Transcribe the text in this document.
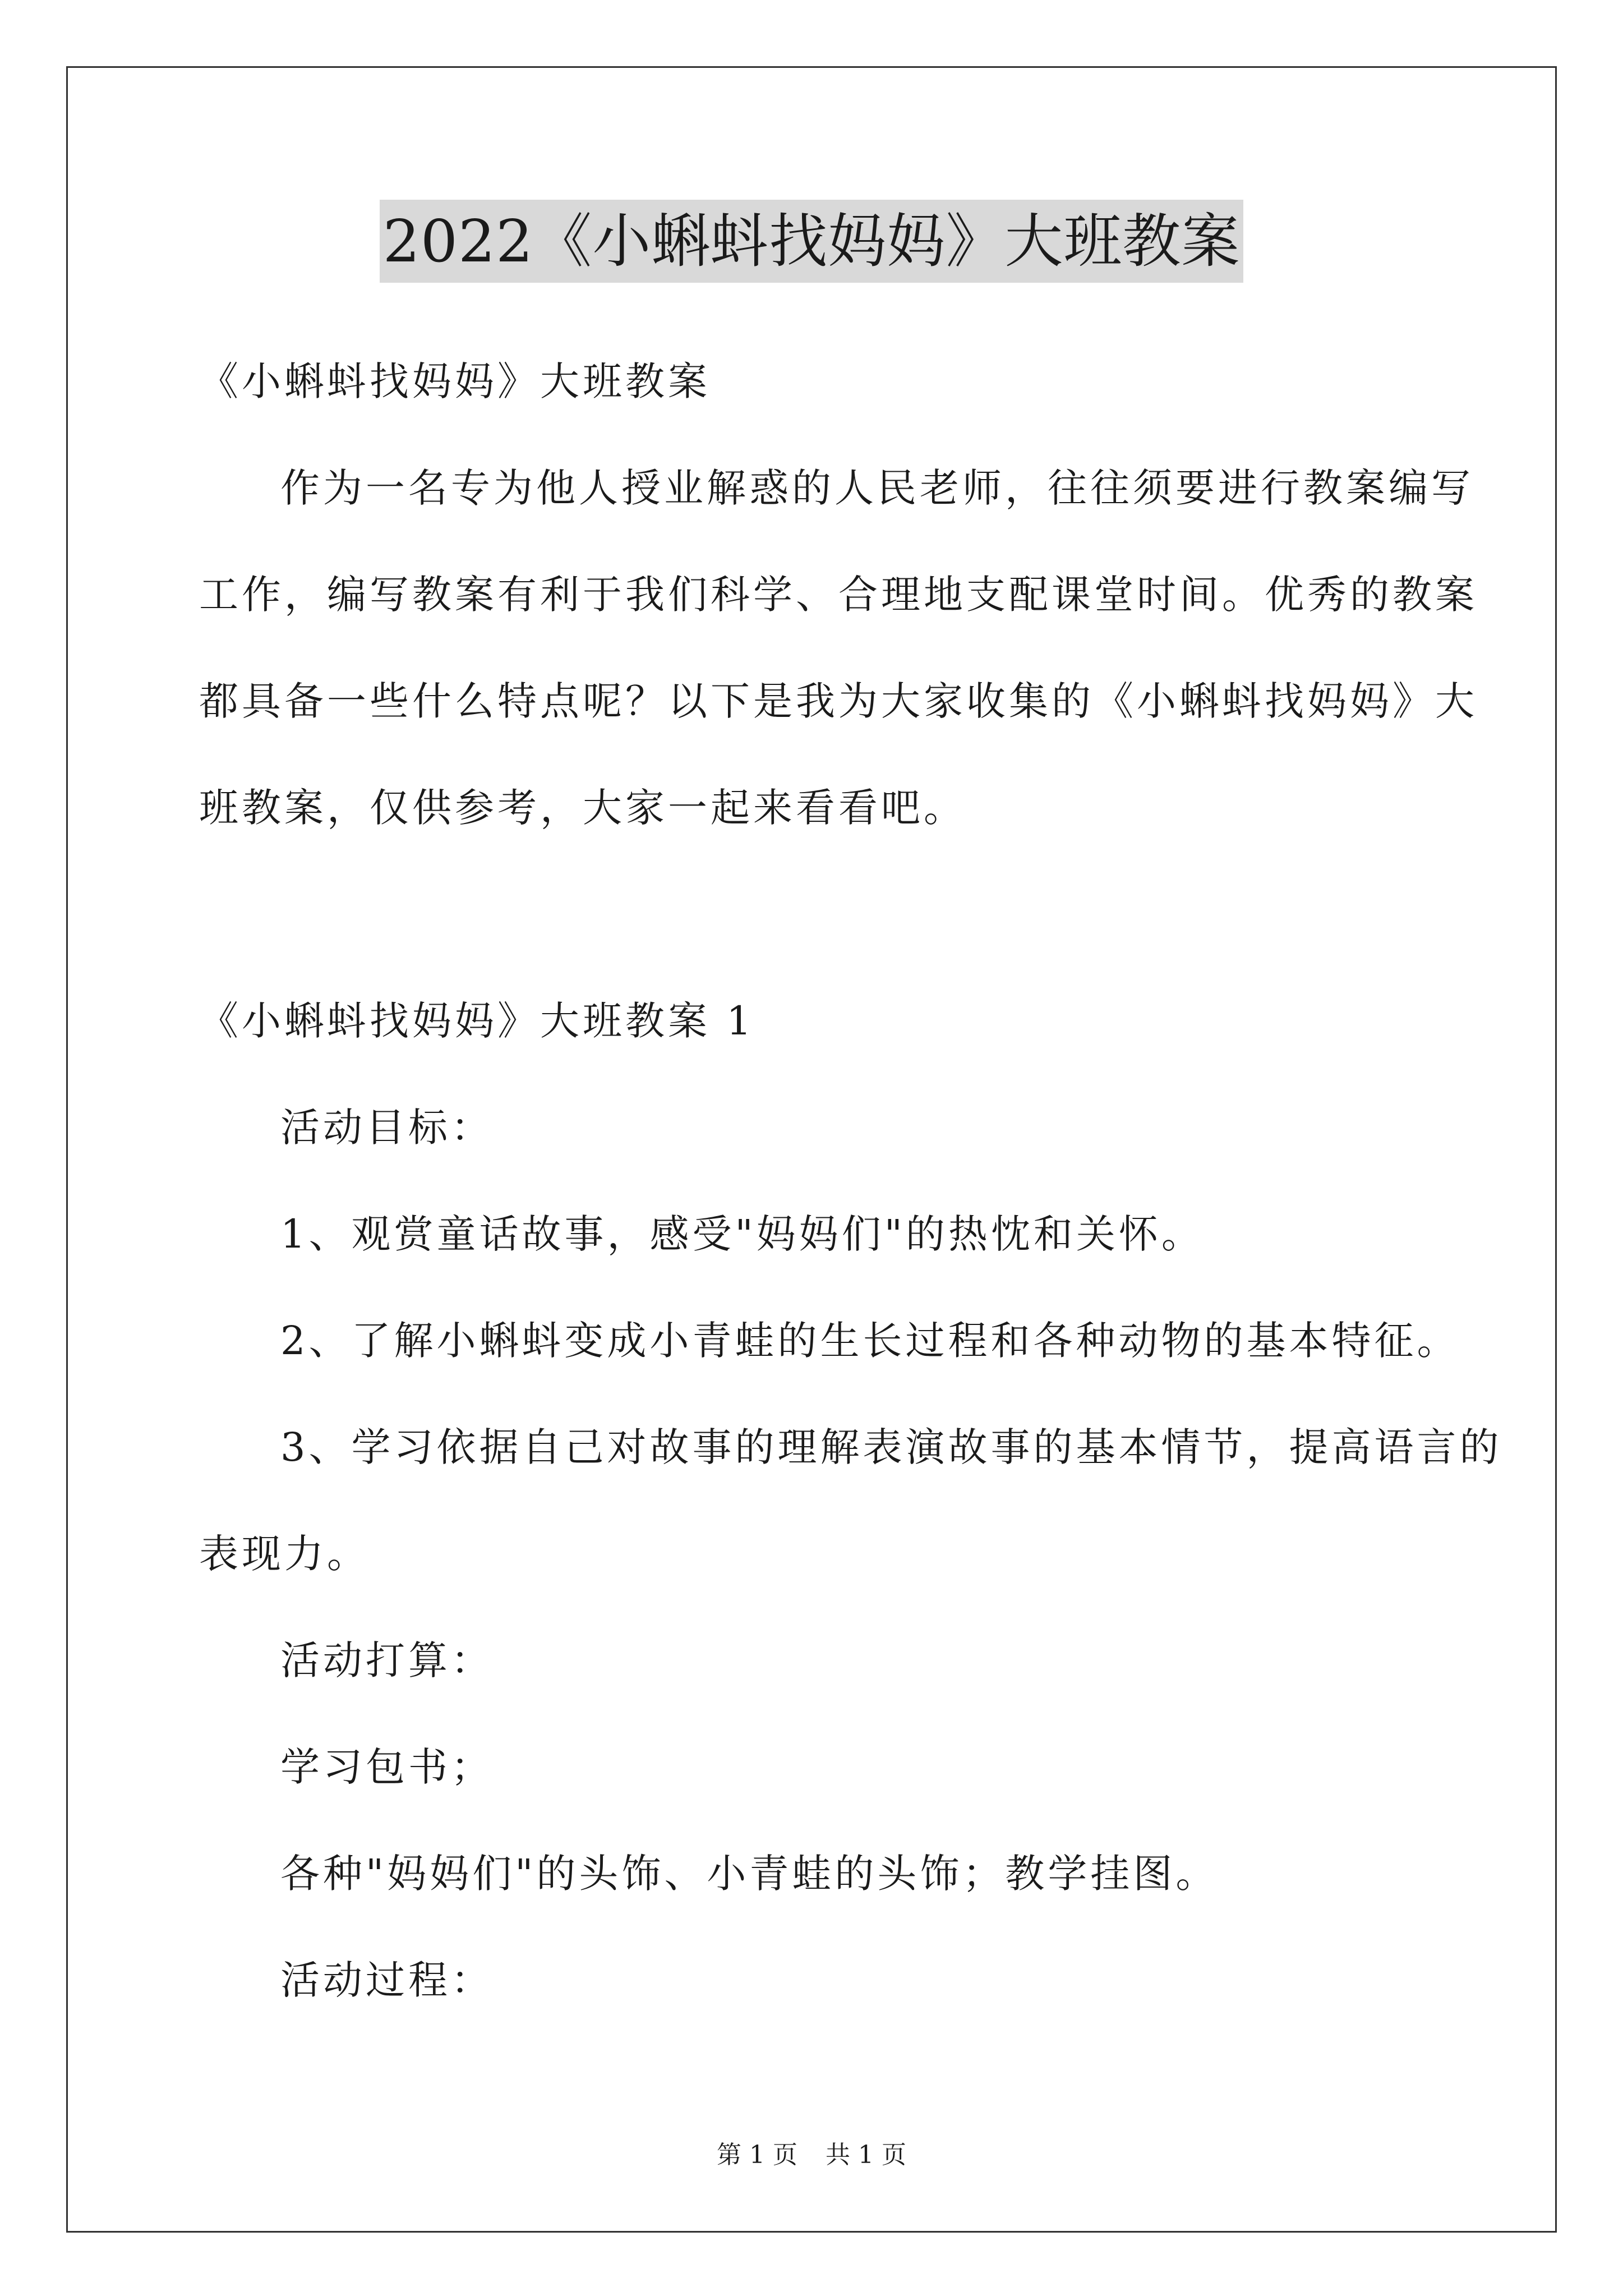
2022《小蝌蚪找妈妈》大班教案
《小蝌蚪找妈妈》大班教案
作为一名专为他人授业解惑的人民老师，往往须要进行教案编写
工作，编写教案有利于我们科学、合理地支配课堂时间。优秀的教案
都具备一些什么特点呢？以下是我为大家收集的《小蝌蚪找妈妈》大
班教案，仅供参考，大家一起来看看吧。
《小蝌蚪找妈妈》大班教案 1
活动目标：
1、观赏童话故事，感受"妈妈们"的热忱和关怀。
2、了解小蝌蚪变成小青蛙的生长过程和各种动物的基本特征。
3、学习依据自己对故事的理解表演故事的基本情节，提高语言的
表现力。
活动打算：
学习包书；
各种"妈妈们"的头饰、小青蛙的头饰；教学挂图。
活动过程：
第 1 页 共 1 页
